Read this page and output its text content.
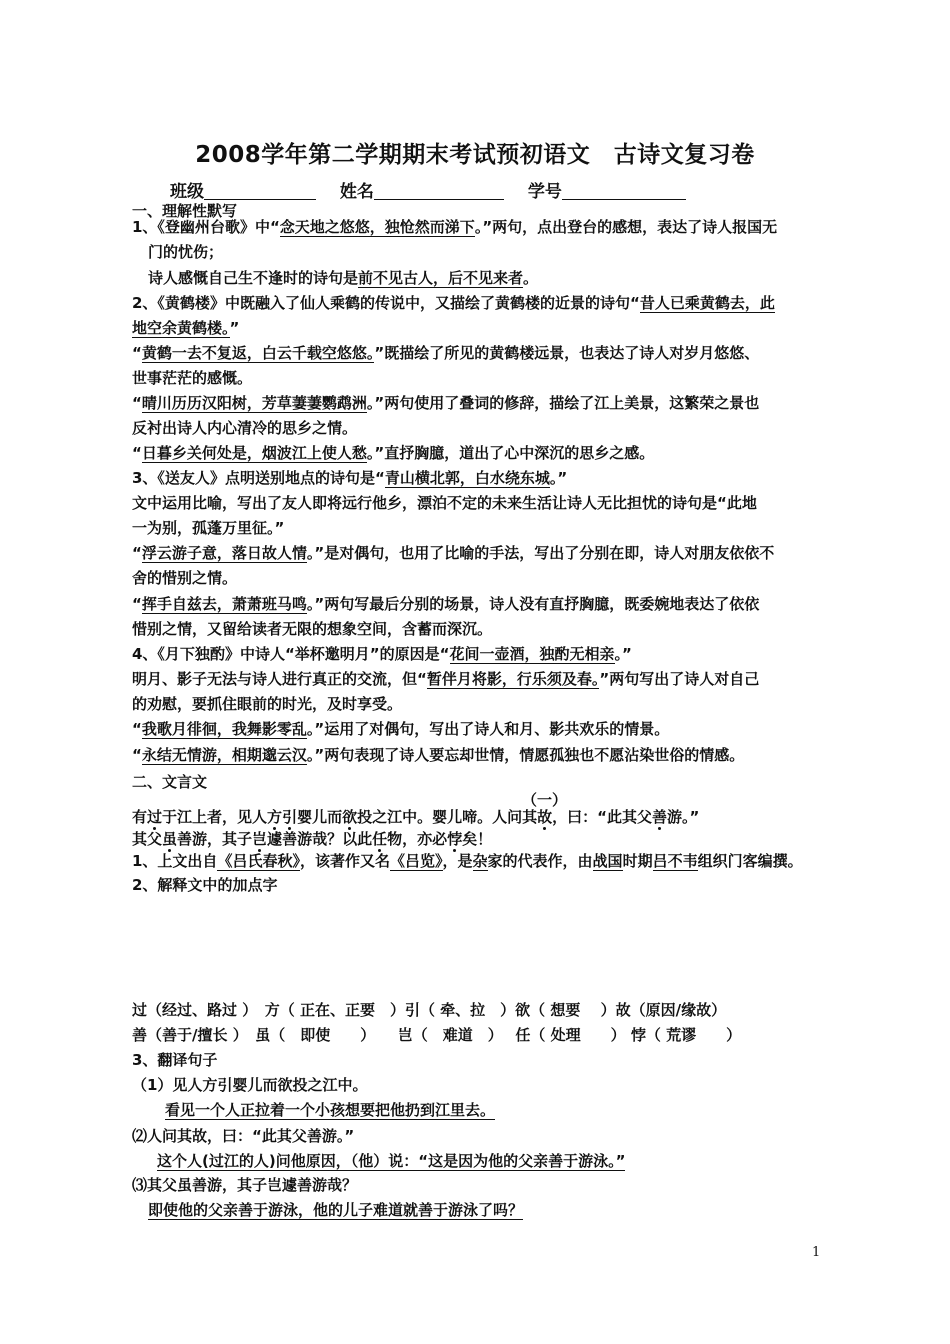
2008学年第二学期期末考试预初语文　古诗文复习卷
班级	姓名	学号
一、理解性默写
1、《登幽州台歌》中“念天地之悠悠，独怆然而涕下。”两句，点出登台的感想，表达了诗人报国无
门的忧伤；
诗人感慨自己生不逢时的诗句是前不见古人，后不见来者。
2、《黄鹤楼》中既融入了仙人乘鹤的传说中，又描绘了黄鹤楼的近景的诗句“昔人已乘黄鹤去，此
地空余黄鹤楼。”
“黄鹤一去不复返，白云千载空悠悠。”既描绘了所见的黄鹤楼远景，也表达了诗人对岁月悠悠、
世事茫茫的感慨。
“晴川历历汉阳树，芳草萋萋鹦鹉洲。”两句使用了叠词的修辞，描绘了江上美景，这繁荣之景也
反衬出诗人内心清冷的思乡之情。
“日暮乡关何处是，烟波江上使人愁。”直抒胸臆，道出了心中深沉的思乡之感。
3、《送友人》点明送别地点的诗句是“青山横北郭，白水绕东城。”
文中运用比喻，写出了友人即将远行他乡，漂泊不定的未来生活让诗人无比担忧的诗句是“此地
一为别，孤蓬万里征。”
“浮云游子意，落日故人情。”是对偶句，也用了比喻的手法，写出了分别在即，诗人对朋友依依不
舍的惜别之情。
“挥手自兹去，萧萧班马鸣。”两句写最后分别的场景，诗人没有直抒胸臆，既委婉地表达了依依
惜别之情，又留给读者无限的想象空间，含蓄而深沉。
4、《月下独酌》中诗人“举杯邀明月”的原因是“花间一壶酒，独酌无相亲。”
明月、影子无法与诗人进行真正的交流，但“暂伴月将影，行乐须及春。”两句写出了诗人对自己
的劝慰，要抓住眼前的时光，及时享受。
“我歌月徘徊，我舞影零乱。”运用了对偶句，写出了诗人和月、影共欢乐的情景。
“永结无情游，相期邈云汉。”两句表现了诗人要忘却世情，情愿孤独也不愿沾染世俗的情感。
二、文言文
（一）
有过于江上者，见人方引婴儿而欲投之江中。婴儿啼。人问其故，曰：“此其父善游。”
其父虽善游，其子岂遽善游哉？以此任物，亦必悖矣！
1、上文出自《吕氏春秋》，该著作又名《吕览》，是杂家的代表作，由战国时期吕不韦组织门客编撰。
2、解释文中的加点字
过（经过、路过 ）　方（ 正在、正要　）引（ 牵、拉　）欲（ 想要　 ）故（原因/缘故）
善（善于/擅长 ）　虽（　即使　　）　　岂（　难道　）　 任（ 处理　　） 悖（ 荒谬　　）
3、翻译句子
（1）见人方引婴儿而欲投之江中。
看见一个人正拉着一个小孩想要把他扔到江里去。
⑵人问其故，曰：“此其父善游。”
这个人(过江的人)问他原因，（他）说：“这是因为他的父亲善于游泳。”
⑶其父虽善游，其子岂遽善游哉？
即使他的父亲善于游泳，他的儿子难道就善于游泳了吗？
1
